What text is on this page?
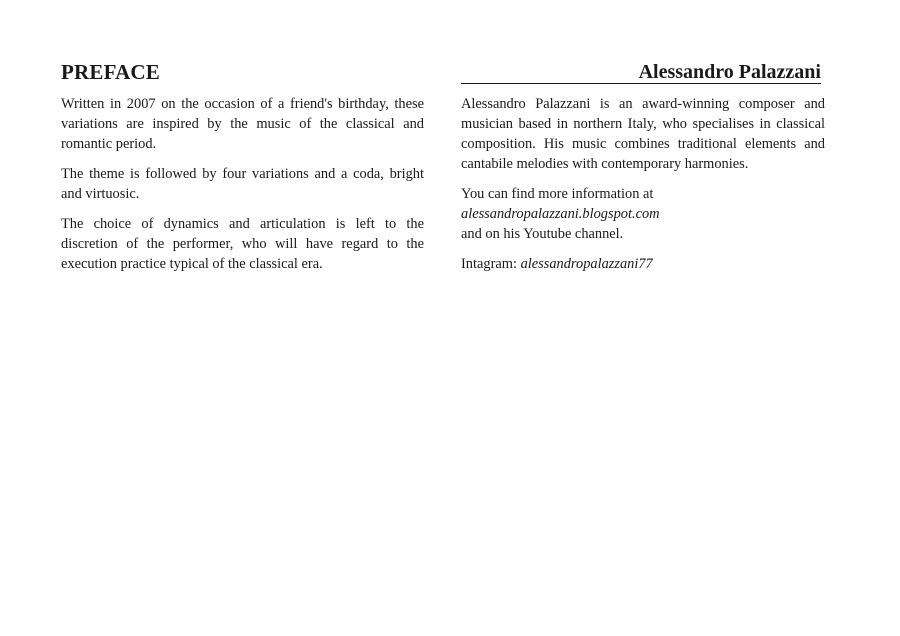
PREFACE

Written in 2007 on the occasion of a friend's birthday, these variations are inspired by the music of the classical and romantic period.

The theme is followed by four variations and a coda, bright and virtuosic.

The choice of dynamics and articulation is left to the discretion of the performer, who will have regard to the execution practice typical of the classical era.

Alessandro Palazzani

Alessandro Palazzani is an award-winning composer and musician based in northern Italy, who specialises in classical composition. His music combines traditional elements and cantabile melodies with contemporary harmonies.

You can find more information at

alessandropalazzani.blogspot.com

and on his Youtube channel.

Intagram: alessandropalazzani77
